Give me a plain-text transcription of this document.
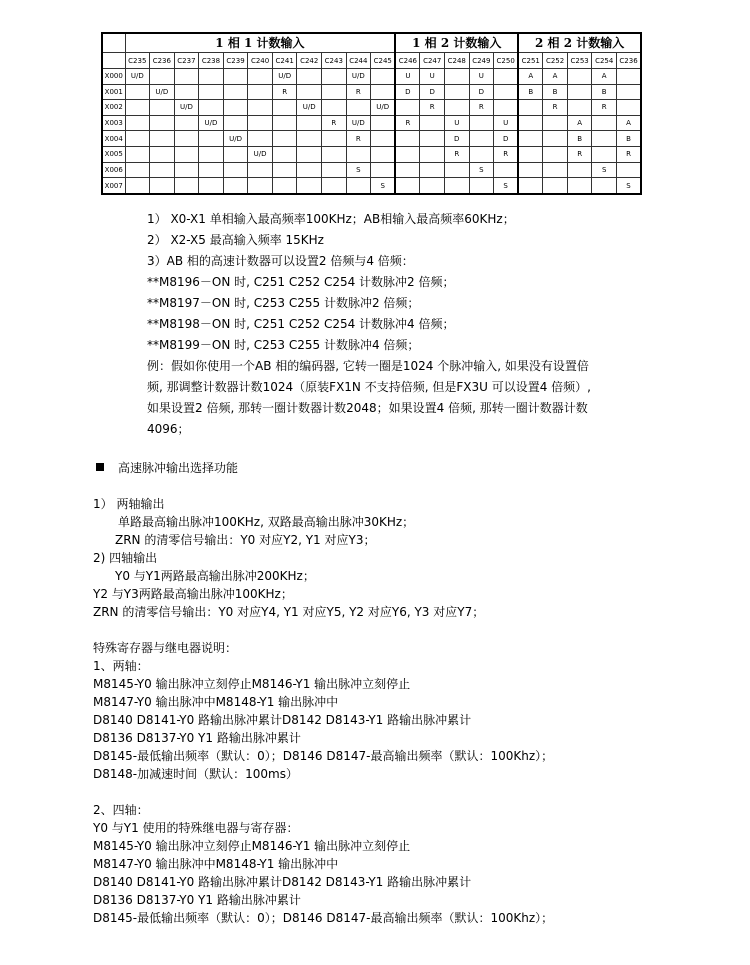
	1 相 1 计数输入											1 相 2 计数输入					2 相 2 计数输入				
	C235	C236	C237	C238	C239	C240	C241	C242	C243	C244	C245	C246	C247	C248	C249	C250	C251	C252	C253	C254	C236
X000	U/D						U/D			U/D		U	U		U		A	A		A	
X001		U/D					R			R		D	D		D		B	B		B	
X002			U/D					U/D			U/D		R		R			R		R	
X003				U/D					R	U/D		R		U		U			A		A
X004					U/D					R				D		D			B		B
X005						U/D								R		R			R		R
X006										S					S					S	
X007											S					S					S
1） X0-X1 单相输入最高频率100KHz；AB相输入最高频率60KHz；
2） X2-X5 最高输入频率 15KHz
3）AB 相的高速计数器可以设置2 倍频与4 倍频：
**M8196－ON 时, C251 C252 C254 计数脉冲2 倍频；
**M8197－ON 时, C253 C255 计数脉冲2 倍频；
**M8198－ON 时, C251 C252 C254 计数脉冲4 倍频；
**M8199－ON 时, C253 C255 计数脉冲4 倍频；
例：假如你使用一个AB 相的编码器, 它转一圈是1024 个脉冲输入, 如果没有设置倍
频, 那调整计数器计数1024（原装FX1N 不支持倍频, 但是FX3U 可以设置4 倍频）,
如果设置2 倍频, 那转一圈计数器计数2048；如果设置4 倍频, 那转一圈计数器计数
4096；
高速脉冲输出选择功能
1） 两轴输出
单路最高输出脉冲100KHz, 双路最高输出脉冲30KHz；
ZRN 的清零信号输出：Y0 对应Y2, Y1 对应Y3；
2) 四轴输出
Y0 与Y1两路最高输出脉冲200KHz；
Y2 与Y3两路最高输出脉冲100KHz；
ZRN 的清零信号输出：Y0 对应Y4, Y1 对应Y5, Y2 对应Y6, Y3 对应Y7；
特殊寄存器与继电器说明：
1、两轴：
M8145-Y0 输出脉冲立刻停止M8146-Y1 输出脉冲立刻停止
M8147-Y0 输出脉冲中M8148-Y1 输出脉冲中
D8140 D8141-Y0 路输出脉冲累计D8142 D8143-Y1 路输出脉冲累计
D8136 D8137-Y0 Y1 路输出脉冲累计
D8145-最低输出频率（默认：0）；D8146 D8147-最高输出频率（默认：100Khz）；
D8148-加减速时间（默认：100ms）
2、四轴：
Y0 与Y1 使用的特殊继电器与寄存器：
M8145-Y0 输出脉冲立刻停止M8146-Y1 输出脉冲立刻停止
M8147-Y0 输出脉冲中M8148-Y1 输出脉冲中
D8140 D8141-Y0 路输出脉冲累计D8142 D8143-Y1 路输出脉冲累计
D8136 D8137-Y0 Y1 路输出脉冲累计
D8145-最低输出频率（默认：0）；D8146 D8147-最高输出频率（默认：100Khz）；
